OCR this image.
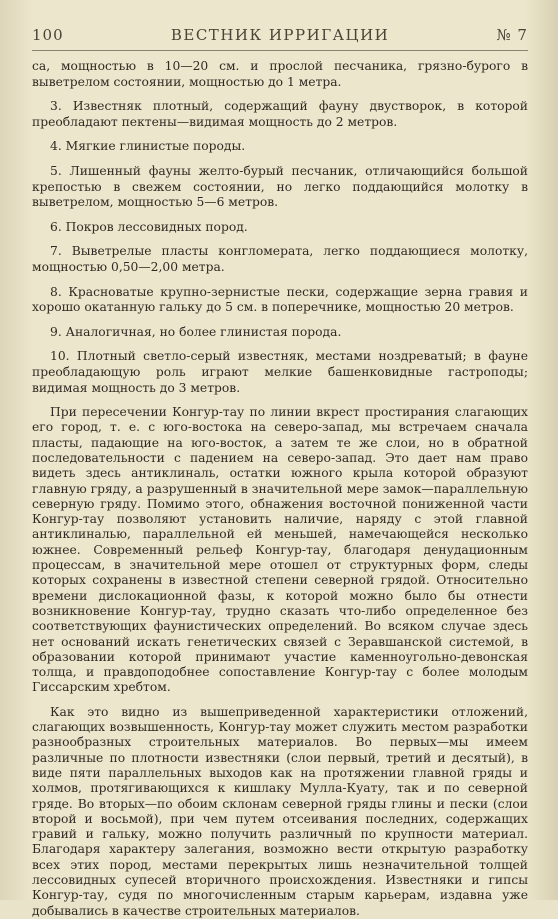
100	ВЕСТНИК ИРРИГАЦИИ	№ 7

са, мощностью в 10—20 см. и прослой песчаника, грязно-бурого в выветрелом состоянии, мощностью до 1 метра.

3. Известняк плотный, содержащий фауну двустворок, в которой преобладают пектены—видимая мощность до 2 метров.

4. Мягкие глинистые породы.

5. Лишенный фауны желто-бурый песчаник, отличающийся большой крепостью в свежем состоянии, но легко поддающийся молотку в выветрелом, мощностью 5—6 метров.

6. Покров лессовидных пород.

7. Выветрелые пласты конгломерата, легко поддающиеся молотку, мощностью 0,50—2,00 метра.

8. Красноватые крупно-зернистые пески, содержащие зерна гравия и хорошо окатанную гальку до 5 см. в поперечнике, мощностью 20 метров.

9. Аналогичная, но более глинистая порода.

10. Плотный светло-серый известняк, местами ноздреватый; в фауне преобладающую роль играют мелкие башенковидные гастроподы; видимая мощность до 3 метров.

При пересечении Конгур-тау по линии вкрест простирания слагающих его город, т. е. с юго-востока на северо-запад, мы встречаем сначала пласты, падающие на юго-восток, а затем те же слои, но в обратной последовательности с падением на северо-запад. Это дает нам право видеть здесь антиклиналь, остатки южного крыла которой образуют главную гряду, а разрушенный в значительной мере замок—параллельную северную гряду. Помимо этого, обнажения восточной пониженной части Конгур-тау позволяют установить наличие, наряду с этой главной антиклиналью, параллельной ей меньшей, намечающейся несколько южнее. Современный рельеф Конгур-тау, благодаря денудационным процессам, в значительной мере отошел от структурных форм, следы которых сохранены в известной степени северной грядой. Относительно времени дислокационной фазы, к которой можно было бы отнести возникновение Конгур-тау, трудно сказать что-либо определенное без соответствующих фаунистических определений. Во всяком случае здесь нет оснований искать генетических связей с Зеравшанской системой, в образовании которой принимают участие каменноугольно-девонская толща, и правдоподобнее сопоставление Конгур-тау с более молодым Гиссарским хребтом.

Как это видно из вышеприведенной характеристики отложений, слагающих возвышенность, Конгур-тау может служить местом разработки разнообразных строительных материалов. Во первых—мы имеем различные по плотности известняки (слои первый, третий и десятый), в виде пяти параллельных выходов как на протяжении главной гряды и холмов, протягивающихся к кишлаку Мулла-Куату, так и по северной гряде. Во вторых—по обоим склонам северной гряды глины и пески (слои второй и восьмой), при чем путем отсеивания последних, содержащих гравий и гальку, можно получить различный по крупности материал. Благодаря характеру залегания, возможно вести открытую разработку всех этих пород, местами перекрытых лишь незначительной толщей лессовидных супесей вторичного происхождения. Известняки и гипсы Конгур-тау, судя по многочисленным старым карьерам, издавна уже добывались в качестве строительных материалов.
